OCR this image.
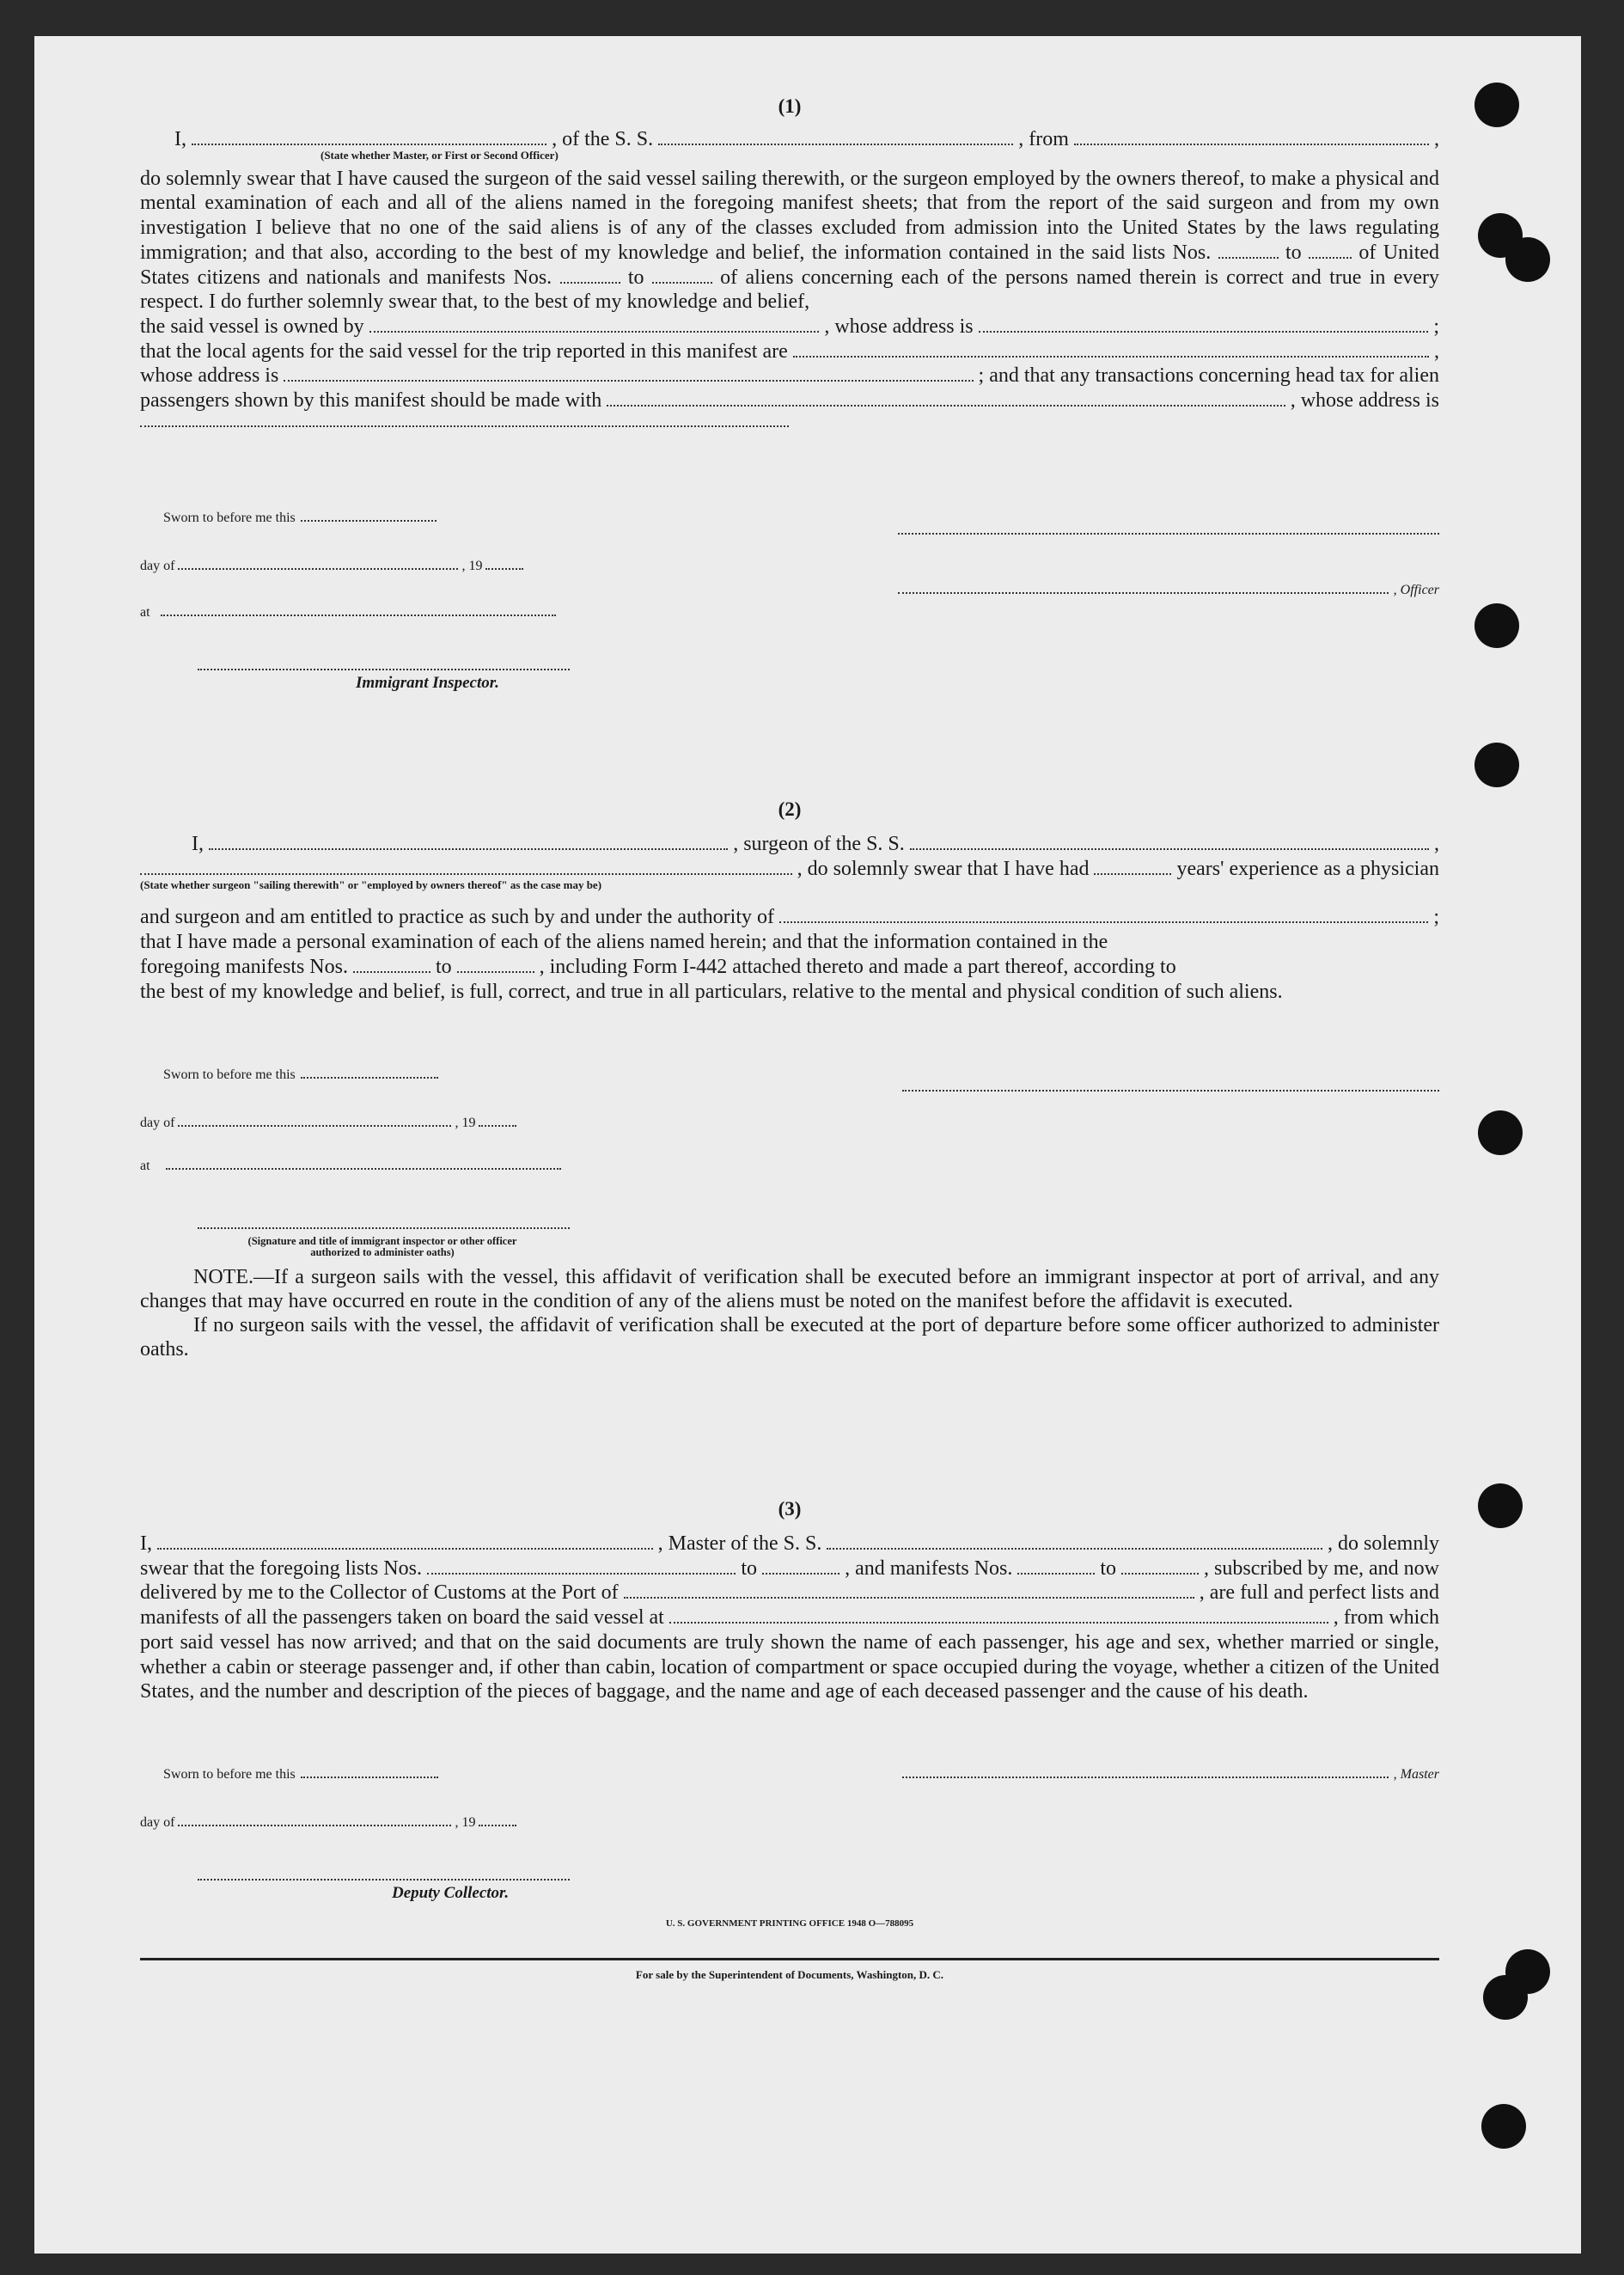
(1)

I,	, of the S. S.	, from	,

(State whether Master, or First or Second Officer)

do solemnly swear that I have caused the surgeon of the said vessel sailing therewith, or the surgeon employed by the owners thereof, to make a physical and mental examination of each and all of the aliens named in the foregoing manifest sheets; that from the report of the said surgeon and from my own investigation I believe that no one of the said aliens is of any of the classes excluded from admission into the United States by the laws regulating immigration; and that also, according to the best of my knowledge and belief, the information contained in the said lists Nos.	to	of United States citizens and nationals and manifests Nos.	to	of aliens concerning each of the persons named therein is correct and true in every respect. I do further solemnly swear that, to the best of my knowledge and belief,

the said vessel is owned by	, whose address is	;
that the local agents for the said vessel for the trip reported in this manifest are	,
whose address is	; and that any transactions concerning head tax for alien
passengers shown by this manifest should be made with	, whose address is
Sworn to before me this
day of	, 19
, Officer
at
Immigrant Inspector.

(2)

I,	, surgeon of the S. S.	,
, do solemnly swear that I have had	years' experience as a physician

(State whether surgeon "sailing therewith" or "employed by owners thereof" as the case may be)

and surgeon and am entitled to practice as such by and under the authority of	;

that I have made a personal examination of each of the aliens named herein; and that the information contained in the

foregoing manifests Nos.	to	, including Form I-442 attached thereto and made a part thereof, according to

the best of my knowledge and belief, is full, correct, and true in all particulars, relative to the mental and physical condition of such aliens.

Sworn to before me this
day of	, 19
at
(Signature and title of immigrant inspector or other officer authorized to administer oaths)

NOTE.—If a surgeon sails with the vessel, this affidavit of verification shall be executed before an immigrant inspector at port of arrival, and any changes that may have occurred en route in the condition of any of the aliens must be noted on the manifest before the affidavit is executed.

If no surgeon sails with the vessel, the affidavit of verification shall be executed at the port of departure before some officer authorized to administer oaths.

(3)

I,	, Master of the S. S.	, do solemnly
swear that the foregoing lists Nos.	to	, and manifests Nos.	to	, subscribed by me, and now
delivered by me to the Collector of Customs at the Port of	, are full and perfect lists and
manifests of all the passengers taken on board the said vessel at	, from which

port said vessel has now arrived; and that on the said documents are truly shown the name of each passenger, his age and sex, whether married or single, whether a cabin or steerage passenger and, if other than cabin, location of compartment or space occupied during the voyage, whether a citizen of the United States, and the number and description of the pieces of baggage, and the name and age of each deceased passenger and the cause of his death.

Sworn to before me this	, Master
day of	, 19
Deputy Collector.
U. S. GOVERNMENT PRINTING OFFICE 1948 O—788095
For sale by the Superintendent of Documents, Washington, D. C.
